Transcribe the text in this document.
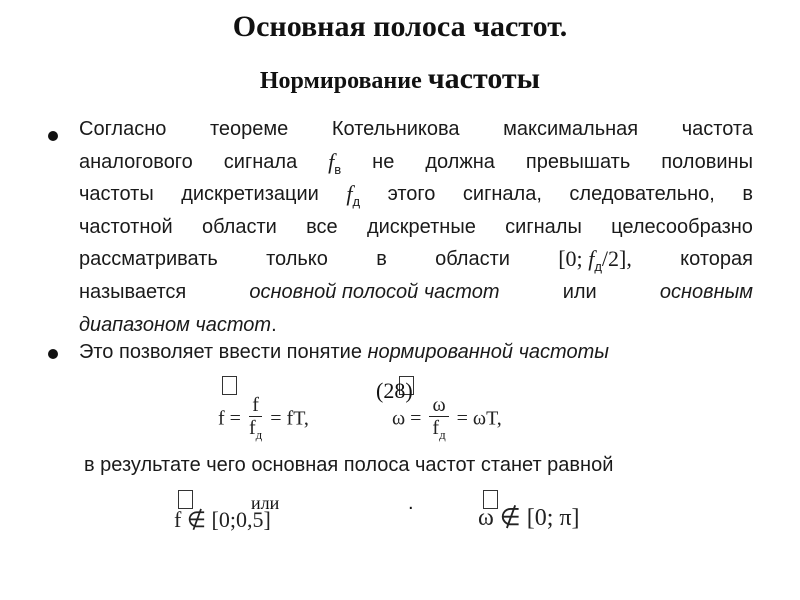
Основная полоса частот.
Нормирование частоты
Согласно теореме Котельникова максимальная частота
аналогового сигнала $f_в$ не должна превышать половины
частоты дискретизации $f_д$ этого сигнала, следовательно, в
частотной области все дискретные сигналы целесообразно
рассматривать только в области [0; $f_д/2$], которая
называется	основной полосой частот	или	основным
диапазоном частот .
Это позволяет ввести понятие нормированной частоты
(28)
$f = \frac{f}{f_д}$ = fT,	$\omega = \frac{\omega}{f_д} = \omega T$,
в результате чего основная полоса частот станет равной
или	.
f ∉ [0;0,5]	ω ∉ [0; π]
